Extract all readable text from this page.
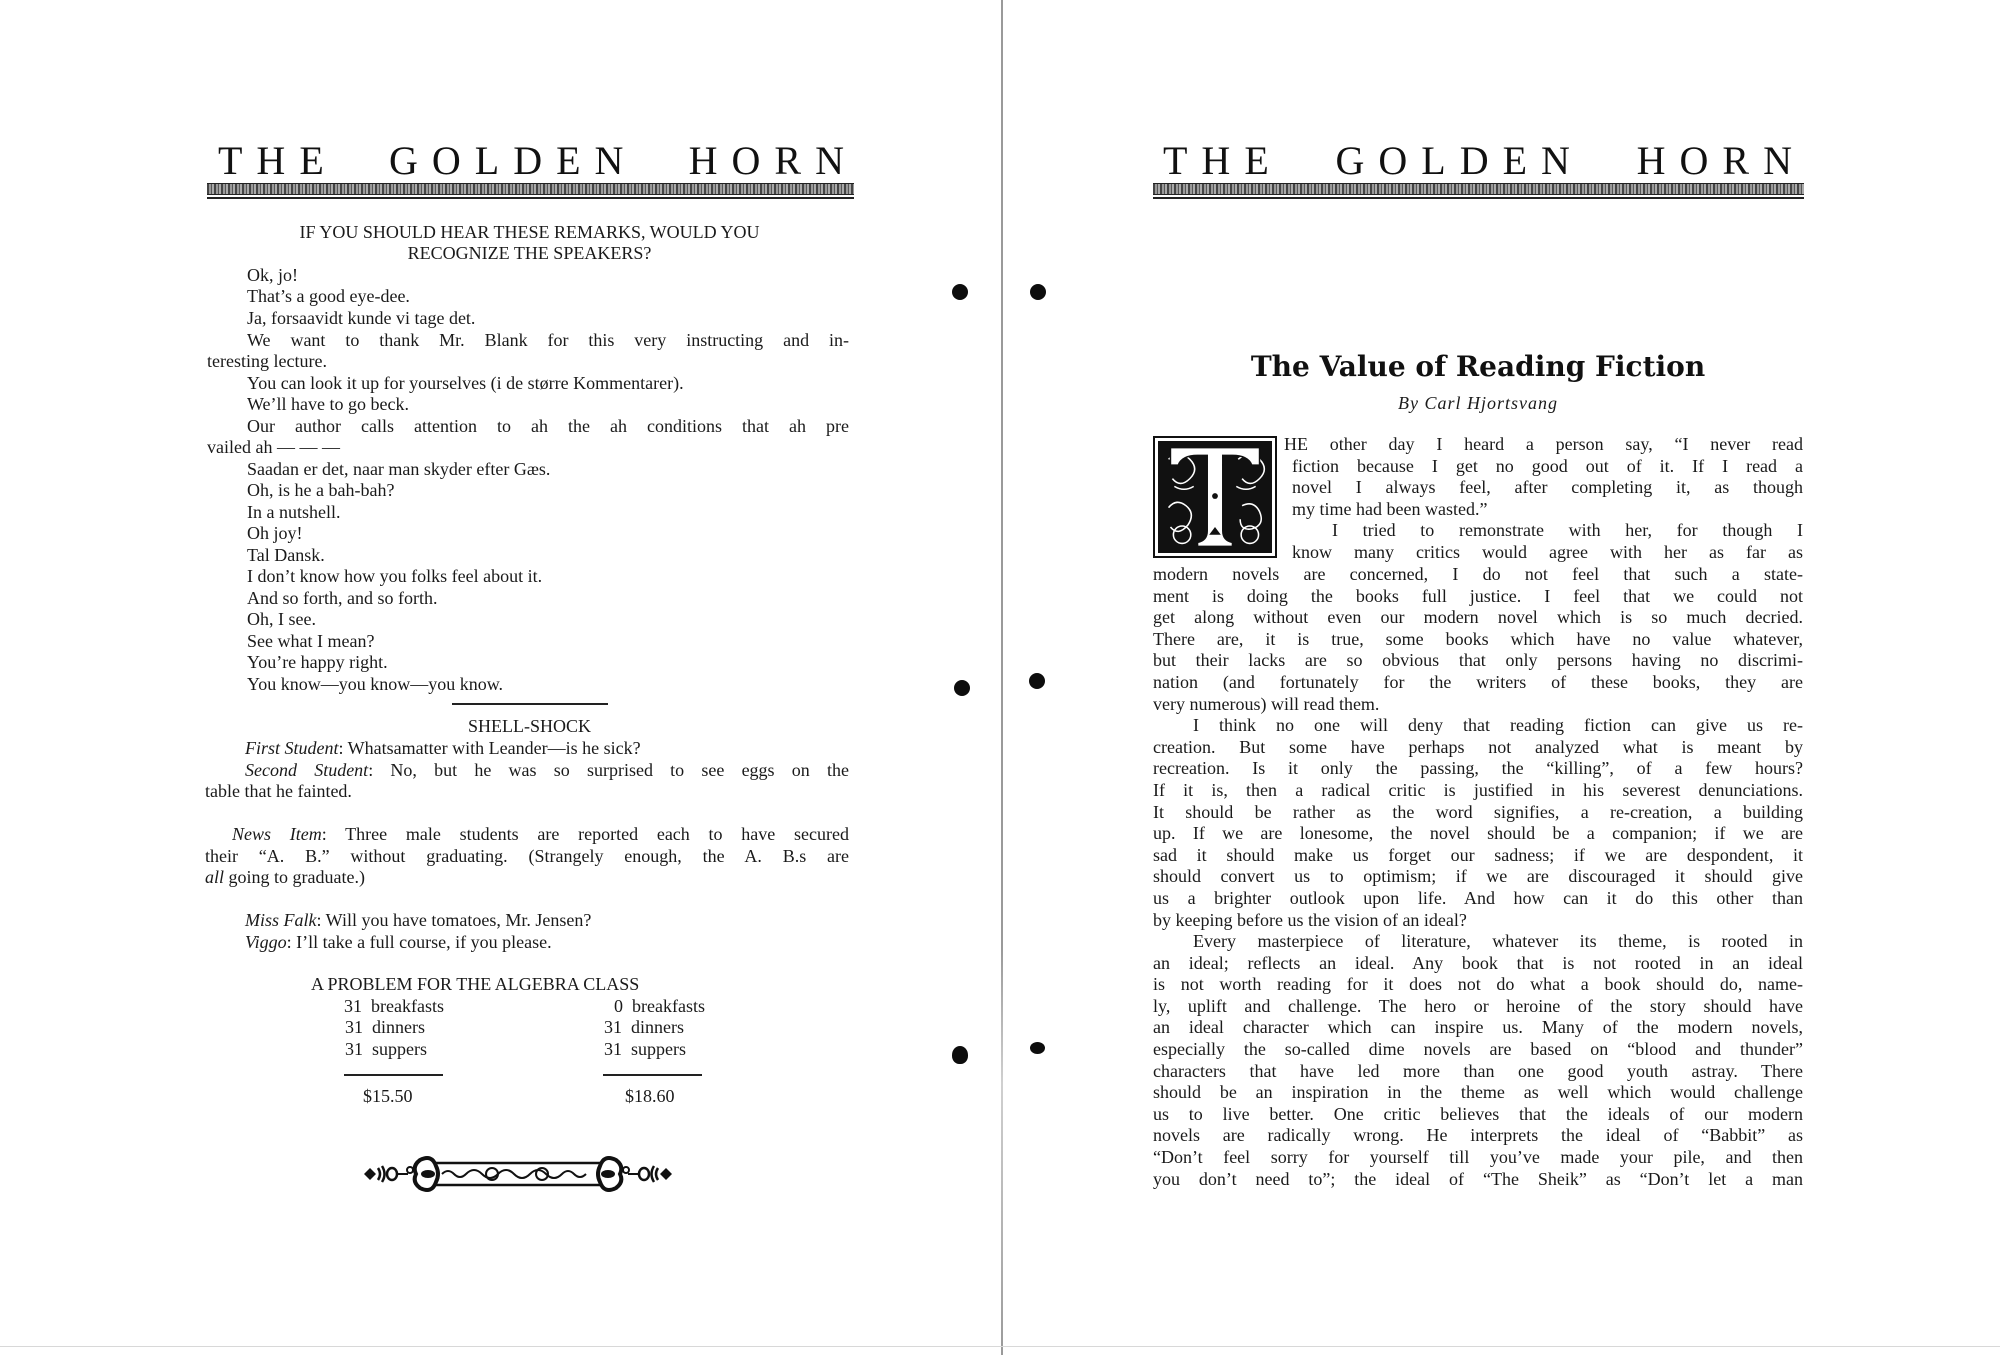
THE GOLDEN HORN
IF YOU SHOULD HEAR THESE REMARKS, WOULD YOU
RECOGNIZE THE SPEAKERS?
Ok, jo!
That’s a good eye-dee.
Ja, forsaavidt kunde vi tage det.
We want to thank Mr. Blank for this very instructing and in-
teresting lecture.
You can look it up for yourselves (i de større Kommentarer).
We’ll have to go beck.
Our author calls attention to ah the ah conditions that ah pre
vailed ah — — —
Saadan er det, naar man skyder efter Gæs.
Oh, is he a bah-bah?
In a nutshell.
Oh joy!
Tal Dansk.
I don’t know how you folks feel about it.
And so forth, and so forth.
Oh, I see.
See what I mean?
You’re happy right.
You know—you know—you know.
SHELL-SHOCK
First Student: Whatsamatter with Leander—is he sick?
Second Student: No, but he was so surprised to see eggs on the
table that he fainted.
News Item: Three male students are reported each to have secured
their “A. B.” without graduating. (Strangely enough, the A. B.s are
all going to graduate.)
Miss Falk: Will you have tomatoes, Mr. Jensen?
Viggo: I’ll take a full course, if you please.
A PROBLEM FOR THE ALGEBRA CLASS
31  breakfasts
31  dinners
31  suppers
$15.50
0  breakfasts
31  dinners
31  suppers
$18.60
THE GOLDEN HORN
The Value of Reading Fiction
By Carl Hjortsvang
HE other day I heard a person say, “I never read
fiction because I get no good out of it. If I read a
novel I always feel, after completing it, as though
my time had been wasted.”
I tried to remonstrate with her, for though I
know many critics would agree with her as far as
modern novels are concerned, I do not feel that such a state-
ment is doing the books full justice. I feel that we could not
get along without even our modern novel which is so much decried.
There are, it is true, some books which have no value whatever,
but their lacks are so obvious that only persons having no discrimi-
nation (and fortunately for the writers of these books, they are
very numerous) will read them.
I think no one will deny that reading fiction can give us re-
creation. But some have perhaps not analyzed what is meant by
recreation. Is it only the passing, the “killing”, of a few hours?
If it is, then a radical critic is justified in his severest denunciations.
It should be rather as the word signifies, a re-creation, a building
up. If we are lonesome, the novel should be a companion; if we are
sad it should make us forget our sadness; if we are despondent, it
should convert us to optimism; if we are discouraged it should give
us a brighter outlook upon life. And how can it do this other than
by keeping before us the vision of an ideal?
Every masterpiece of literature, whatever its theme, is rooted in
an ideal; reflects an ideal. Any book that is not rooted in an ideal
is not worth reading for it does not do what a book should do, name-
ly, uplift and challenge. The hero or heroine of the story should have
an ideal character which can inspire us. Many of the modern novels,
especially the so-called dime novels are based on “blood and thunder”
characters that have led more than one good youth astray. There
should be an inspiration in the theme as well which would challenge
us to live better. One critic believes that the ideals of our modern
novels are radically wrong. He interprets the ideal of “Babbit” as
“Don’t feel sorry for yourself till you’ve made your pile, and then
you don’t need to”; the ideal of “The Sheik” as “Don’t let a man
